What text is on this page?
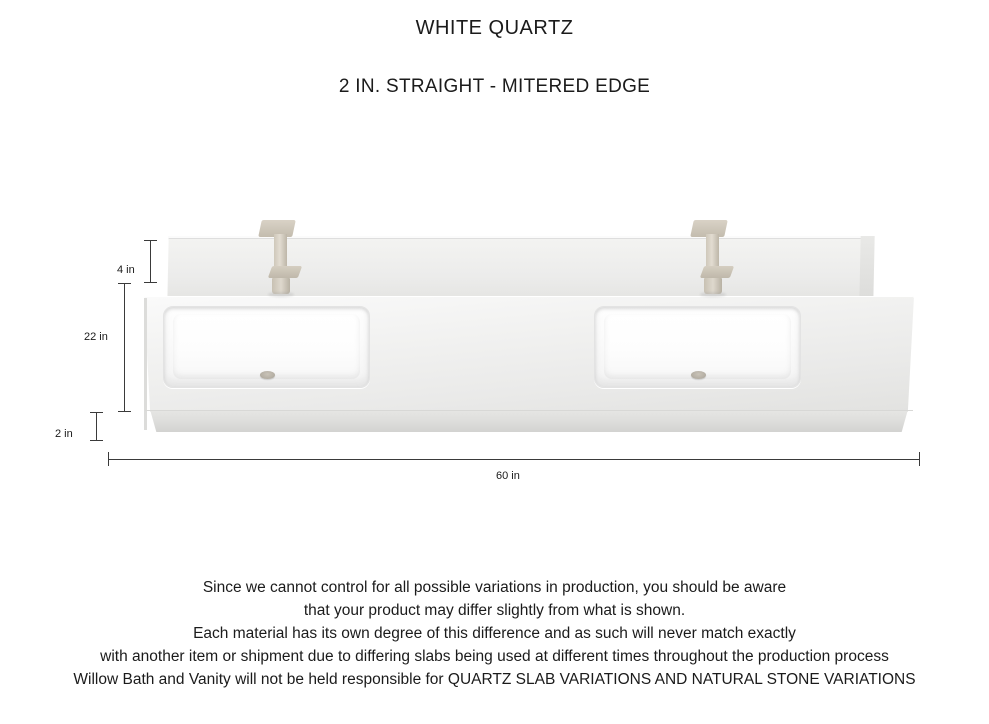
WHITE QUARTZ
2 IN. STRAIGHT - MITERED EDGE
4 in
22 in
2 in
60 in
Since we cannot control for all possible variations in production, you should be aware
that your product may differ slightly from what is shown.
Each material has its own degree of this difference and as such will never match exactly
with another item or shipment due to differing slabs being used at different times throughout the production process
Willow Bath and Vanity will not be held responsible for QUARTZ SLAB VARIATIONS AND NATURAL STONE VARIATIONS
